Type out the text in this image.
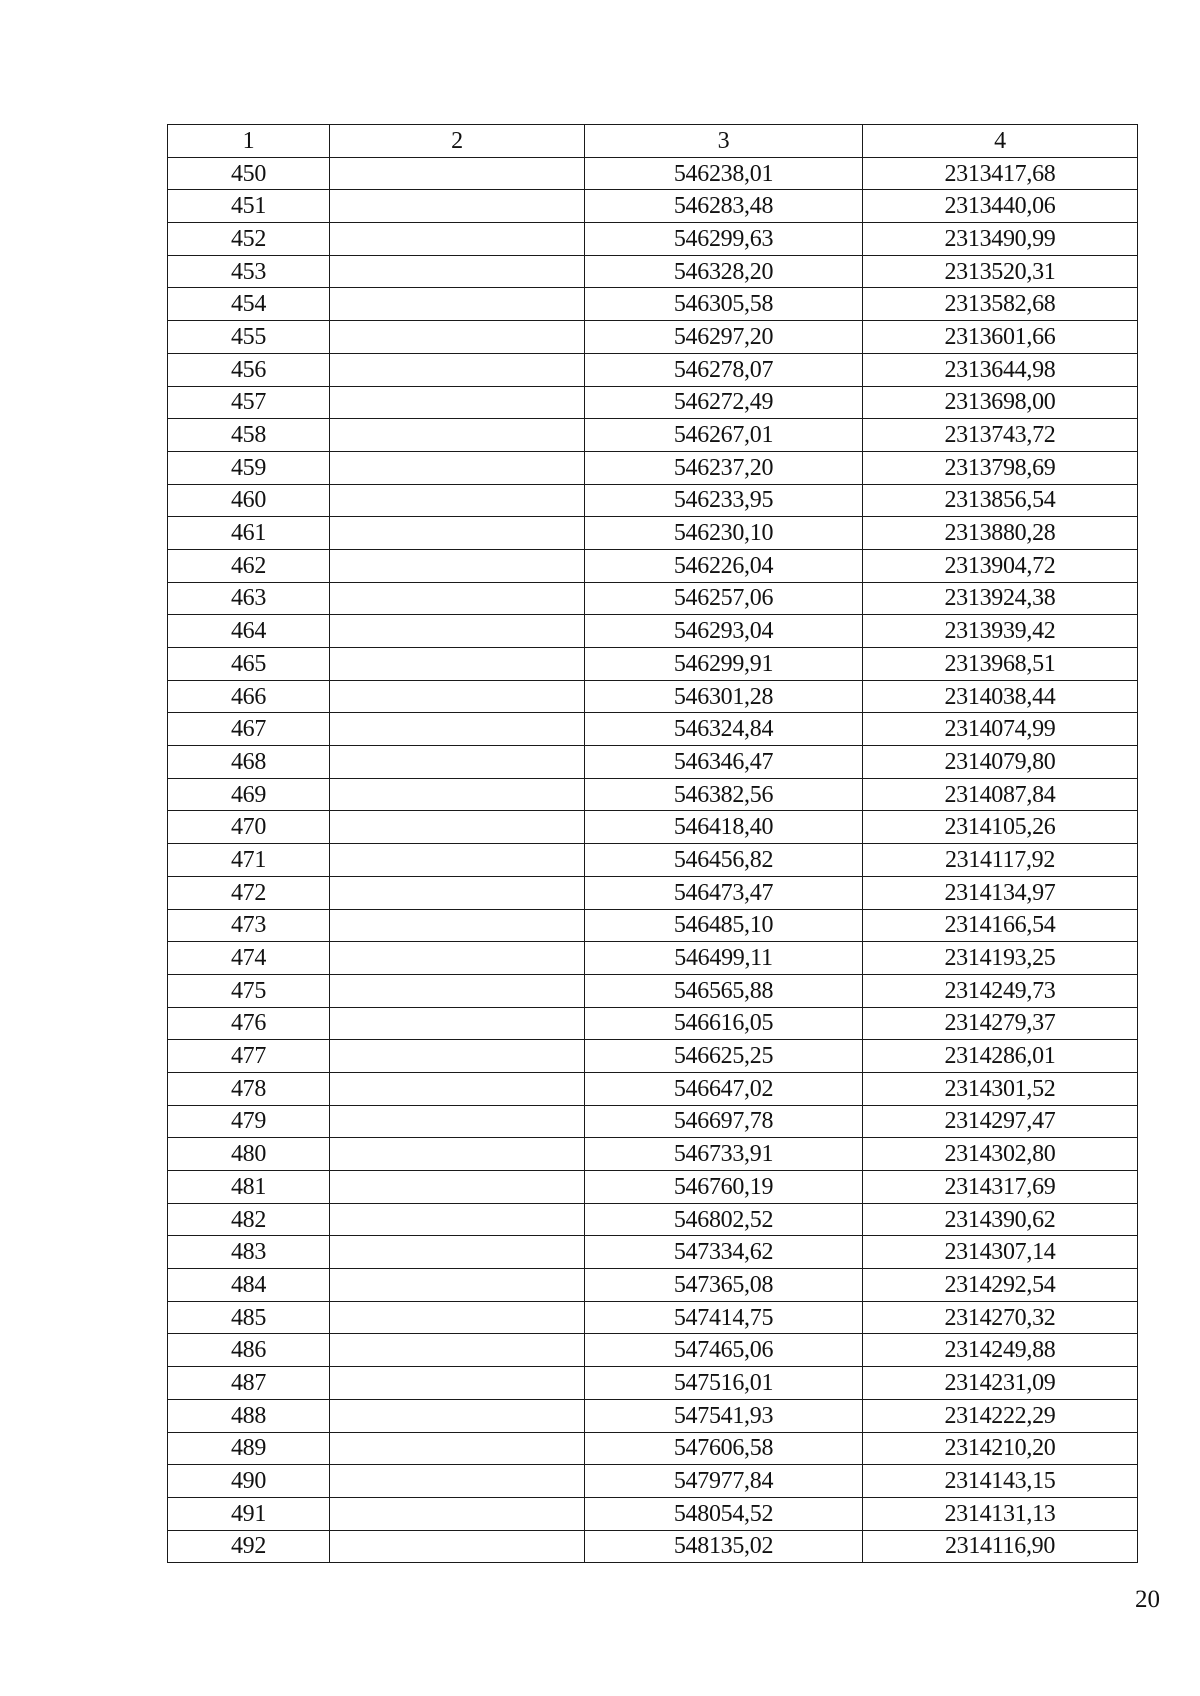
1	2	3	4
450		546238,01	2313417,68
451		546283,48	2313440,06
452		546299,63	2313490,99
453		546328,20	2313520,31
454		546305,58	2313582,68
455		546297,20	2313601,66
456		546278,07	2313644,98
457		546272,49	2313698,00
458		546267,01	2313743,72
459		546237,20	2313798,69
460		546233,95	2313856,54
461		546230,10	2313880,28
462		546226,04	2313904,72
463		546257,06	2313924,38
464		546293,04	2313939,42
465		546299,91	2313968,51
466		546301,28	2314038,44
467		546324,84	2314074,99
468		546346,47	2314079,80
469		546382,56	2314087,84
470		546418,40	2314105,26
471		546456,82	2314117,92
472		546473,47	2314134,97
473		546485,10	2314166,54
474		546499,11	2314193,25
475		546565,88	2314249,73
476		546616,05	2314279,37
477		546625,25	2314286,01
478		546647,02	2314301,52
479		546697,78	2314297,47
480		546733,91	2314302,80
481		546760,19	2314317,69
482		546802,52	2314390,62
483		547334,62	2314307,14
484		547365,08	2314292,54
485		547414,75	2314270,32
486		547465,06	2314249,88
487		547516,01	2314231,09
488		547541,93	2314222,29
489		547606,58	2314210,20
490		547977,84	2314143,15
491		548054,52	2314131,13
492		548135,02	2314116,90
20
